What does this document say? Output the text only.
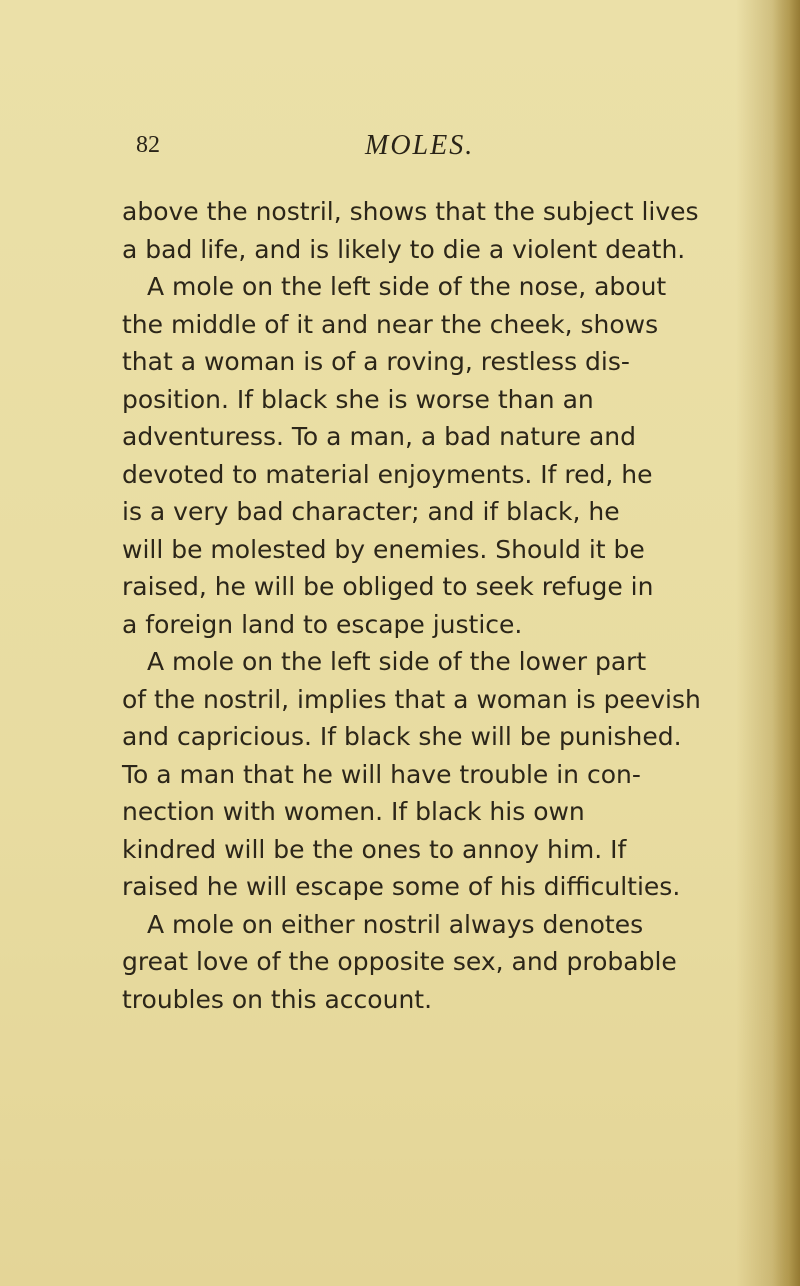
82	MOLES.
above the nostril, shows that the subject lives
a bad life, and is likely to die a violent death.
A mole on the left side of the nose, about
the middle of it and near the cheek, shows
that a woman is of a roving, restless dis-
position. If black she is worse than an
adventuress. To a man, a bad nature and
devoted to material enjoyments. If red, he
is a very bad character; and if black, he
will be molested by enemies. Should it be
raised, he will be obliged to seek refuge in
a foreign land to escape justice.
A mole on the left side of the lower part
of the nostril, implies that a woman is peevish
and capricious. If black she will be punished.
To a man that he will have trouble in con-
nection with women. If black his own
kindred will be the ones to annoy him. If
raised he will escape some of his difficulties.
A mole on either nostril always denotes
great love of the opposite sex, and probable
troubles on this account.
